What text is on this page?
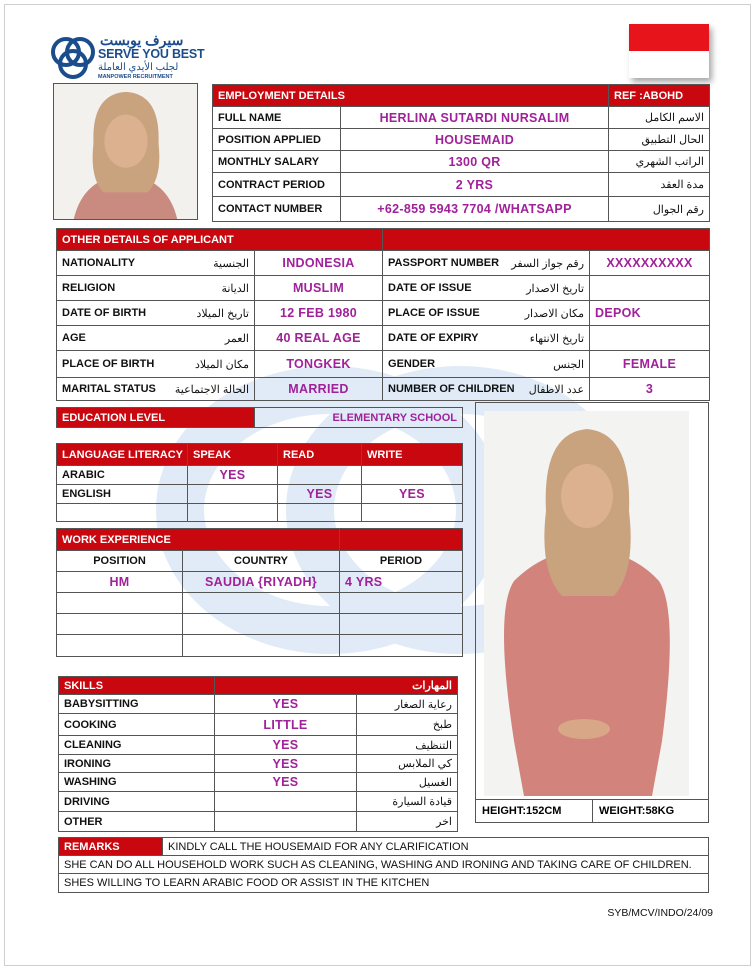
سيرف يوبست
SERVE YOU BEST
لجلب الأيدي العاملة
MANPOWER RECRUITMENT
EMPLOYMENT DETAILS		REF :ABOHD
FULL NAME	HERLINA SUTARDI NURSALIM	الاسم الكامل
POSITION APPLIED	HOUSEMAID	الحال التطبيق
MONTHLY SALARY	1300 QR	الراتب الشهري
CONTRACT PERIOD	2 YRS	مدة العقد
CONTACT NUMBER	+62-859 5943 7704 /WHATSAPP	رقم الجوال
OTHER DETAILS OF APPLICANT			

NATIONALITY الجنسية	INDONESIA	PASSPORT NUMBER رقم جواز السفر	XXXXXXXXXX

RELIGION الديانة	MUSLIM	DATE OF ISSUE تاريخ الاصدار	

DATE OF BIRTH تاريخ الميلاد	12 FEB 1980	PLACE OF ISSUE مكان الاصدار	DEPOK

AGE العمر	40 REAL AGE	DATE OF EXPIRY تاريخ الانتهاء	

PLACE OF BIRTH مكان الميلاد	TONGKEK	GENDER الجنس	FEMALE

MARITAL STATUS الحالة الاجتماعية	MARRIED	NUMBER OF CHILDREN عدد الاطفال	3
EDUCATION LEVEL	ELEMENTARY SCHOOL
LANGUAGE LITERACY	SPEAK	READ	WRITE
ARABIC	YES		
ENGLISH		YES	YES

WORK EXPERIENCE		
POSITION	COUNTRY	PERIOD
HM	SAUDIA {RIYADH}	4 YRS

SKILLS	المهارات	
BABYSITTING	YES	رعاية الصغار
COOKING	LITTLE	طبخ
CLEANING	YES	التنظيف
IRONING	YES	كي الملابس
WASHING	YES	الغسيل
DRIVING		قيادة السيارة
OTHER		اخر
HEIGHT:152CM	WEIGHT:58KG
REMARKS	KINDLY CALL THE HOUSEMAID FOR ANY CLARIFICATION
SHE CAN DO ALL HOUSEHOLD WORK SUCH AS CLEANING, WASHING AND IRONING AND TAKING CARE OF CHILDREN.
SHES WILLING TO LEARN ARABIC FOOD OR ASSIST IN THE KITCHEN
SYB/MCV/INDO/24/09
